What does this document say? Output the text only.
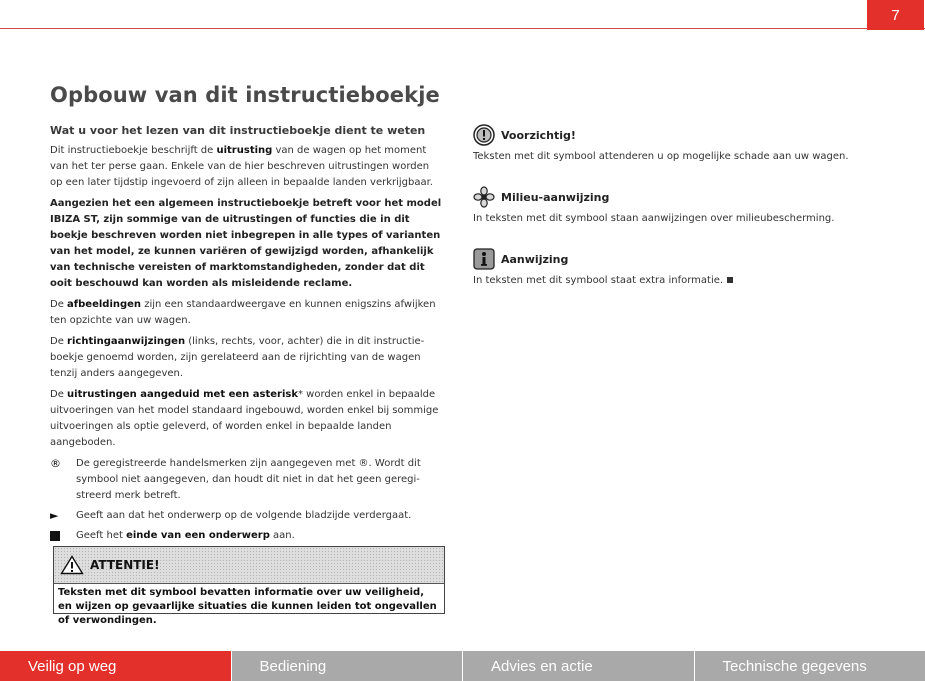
7
Opbouw van dit instructieboekje
Wat u voor het lezen van dit instructieboekje dient te weten

Dit instructieboekje beschrijft de uitrusting van de wagen op het moment van het ter perse gaan. Enkele van de hier beschreven uitrustingen worden op een later tijdstip ingevoerd of zijn alleen in bepaalde landen verkrijgbaar.

Aangezien het een algemeen instructieboekje betreft voor het model IBIZA ST, zijn sommige van de uitrustingen of functies die in dit boekje beschreven worden niet inbegrepen in alle types of varianten van het model, ze kunnen variëren of gewijzigd worden, afhankelijk van technische vereisten of marktomstandigheden, zonder dat dit ooit beschouwd kan worden als misleidende reclame.

De afbeeldingen zijn een standaardweergave en kunnen enigszins afwijken ten opzichte van uw wagen.

De richtingaanwijzingen (links, rechts, voor, achter) die in dit instructie-boekje genoemd worden, zijn gerelateerd aan de rijrichting van de wagen tenzij anders aangegeven.

De uitrustingen aangeduid met een asterisk* worden enkel in bepaalde uitvoeringen van het model standaard ingebouwd, worden enkel bij sommige uitvoeringen als optie geleverd, of worden enkel in bepaalde landen aangeboden.

®	De geregistreerde handelsmerken zijn aangegeven met ®. Wordt dit symbool niet aangegeven, dan houdt dit niet in dat het geen geregi-streerd merk betreft.
►	Geeft aan dat het onderwerp op de volgende bladzijde verdergaat.
Geeft het einde van een onderwerp aan.
ATTENTIE!
Teksten met dit symbool bevatten informatie over uw veiligheid, en wijzen op gevaarlijke situaties die kunnen leiden tot ongevallen of verwondingen.
Voorzichtig!
Teksten met dit symbool attenderen u op mogelijke schade aan uw wagen.
Milieu-aanwijzing
In teksten met dit symbool staan aanwijzingen over milieubescherming.
Aanwijzing
In teksten met dit symbool staat extra informatie.
Veilig op weg	Bediening	Advies en actie	Technische gegevens
